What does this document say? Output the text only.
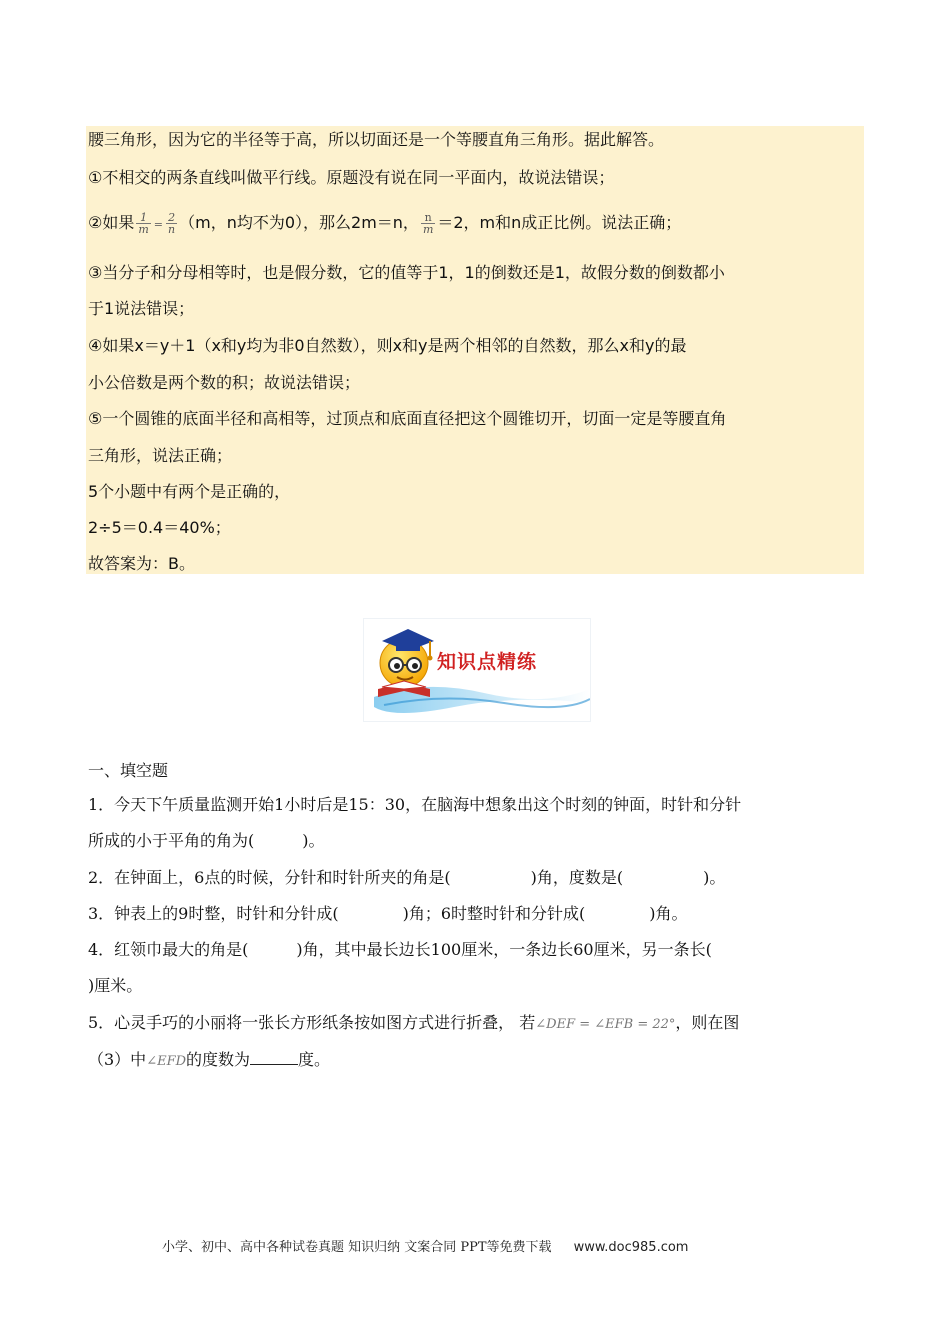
腰三角形，因为它的半径等于高，所以切面还是一个等腰直角三角形。据此解答。
①不相交的两条直线叫做平行线。原题没有说在同一平面内，故说法错误；
②如果 $\frac{1}{m} = \frac{2}{n} (m$，n均不为0），那么2m＝n， $\frac{n}{m} =2$，m和n成正比例。说法正确；
③当分子和分母相等时，也是假分数，它的值等于1，1的倒数还是1，故假分数的倒数都小
于1说法错误；
④如果x＝y＋1（x和y均为非0自然数），则x和y是两个相邻的自然数，那么x和y的最
小公倍数是两个数的积；故说法错误；
⑤一个圆锥的底面半径和高相等，过顶点和底面直径把这个圆锥切开，切面一定是等腰直角
三角形，说法正确；
5个小题中有两个是正确的，
2÷5＝0.4＝40%；
故答案为：B。
知识点精练
一、填空题
1．今天下午质量监测开始1小时后是15：30，在脑海中想象出这个时刻的钟面，时针和分针
所成的小于平角的角为(　　　)。
2．在钟面上，6点的时候，分针和时针所夹的角是(　　　　　)角，度数是(　　　　　)。
3．钟表上的9时整，时针和分针成(　　　　)角；6时整时针和分针成(　　　　)角。
4．红领巾最大的角是(　　　)角，其中最长边长100厘米，一条边长60厘米，另一条长(
)厘米。
5．心灵手巧的小丽将一张长方形纸条按如图方式进行折叠， 若∠DEF = ∠EFB = 22°，则在图
（3）中∠EFD的度数为	度。
小学、初中、高中各种试卷真题 知识归纳 文案合同 PPT等免费下载 www.doc985.com
